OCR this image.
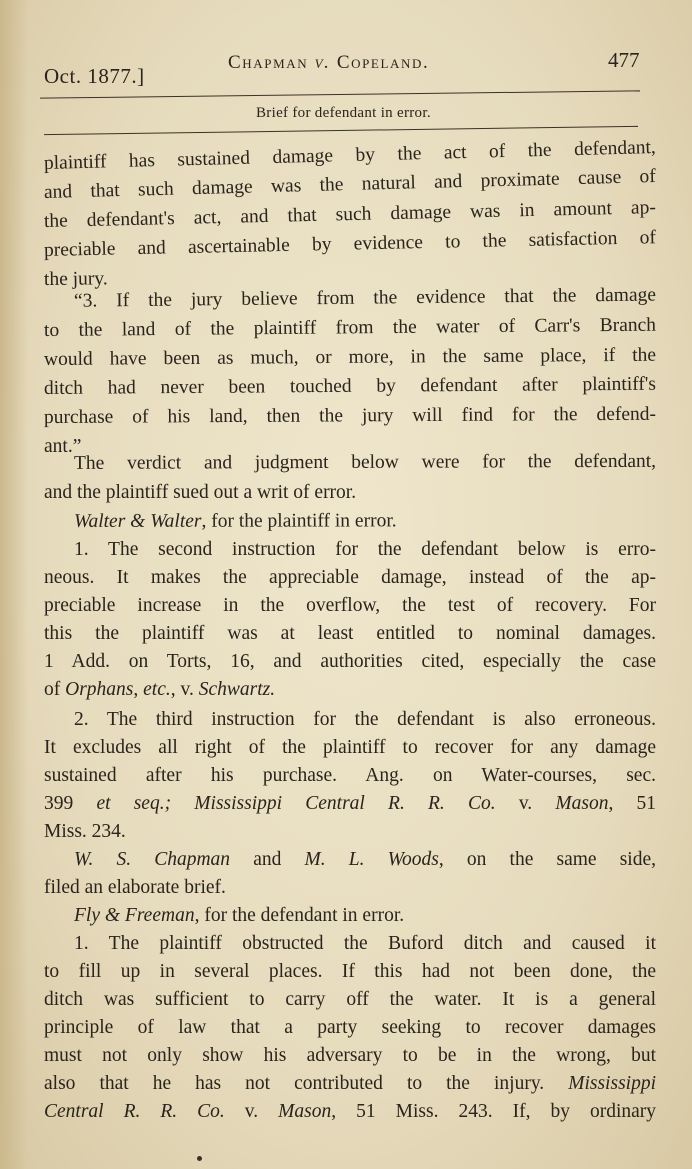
Oct. 1877.]
Chapman v. Copeland.	477
Brief for defendant in error.
plaintiff has sustained damage by the act of the defendant,
and that such damage was the natural and proximate cause of
the defendant's act, and that such damage was in amount ap-
preciable and ascertainable by evidence to the satisfaction of
the jury.
“3. If the jury believe from the evidence that the damage
to the land of the plaintiff from the water of Carr's Branch
would have been as much, or more, in the same place, if the
ditch had never been touched by defendant after plaintiff's
purchase of his land, then the jury will find for the defend-
ant.”
The verdict and judgment below were for the defendant,
and the plaintiff sued out a writ of error.
Walter & Walter, for the plaintiff in error.
1. The second instruction for the defendant below is erro-
neous. It makes the appreciable damage, instead of the ap-
preciable increase in the overflow, the test of recovery. For
this the plaintiff was at least entitled to nominal damages.
1 Add. on Torts, 16, and authorities cited, especially the case
of Orphans, etc., v. Schwartz.
2. The third instruction for the defendant is also erroneous.
It excludes all right of the plaintiff to recover for any damage
sustained after his purchase. Ang. on Water-courses, sec.
399 et seq.; Mississippi Central R. R. Co. v. Mason, 51
Miss. 234.
W. S. Chapman and M. L. Woods, on the same side,
filed an elaborate brief.
Fly & Freeman, for the defendant in error.
1. The plaintiff obstructed the Buford ditch and caused it
to fill up in several places. If this had not been done, the
ditch was sufficient to carry off the water. It is a general
principle of law that a party seeking to recover damages
must not only show his adversary to be in the wrong, but
also that he has not contributed to the injury. Mississippi
Central R. R. Co. v. Mason, 51 Miss. 243. If, by ordinary
